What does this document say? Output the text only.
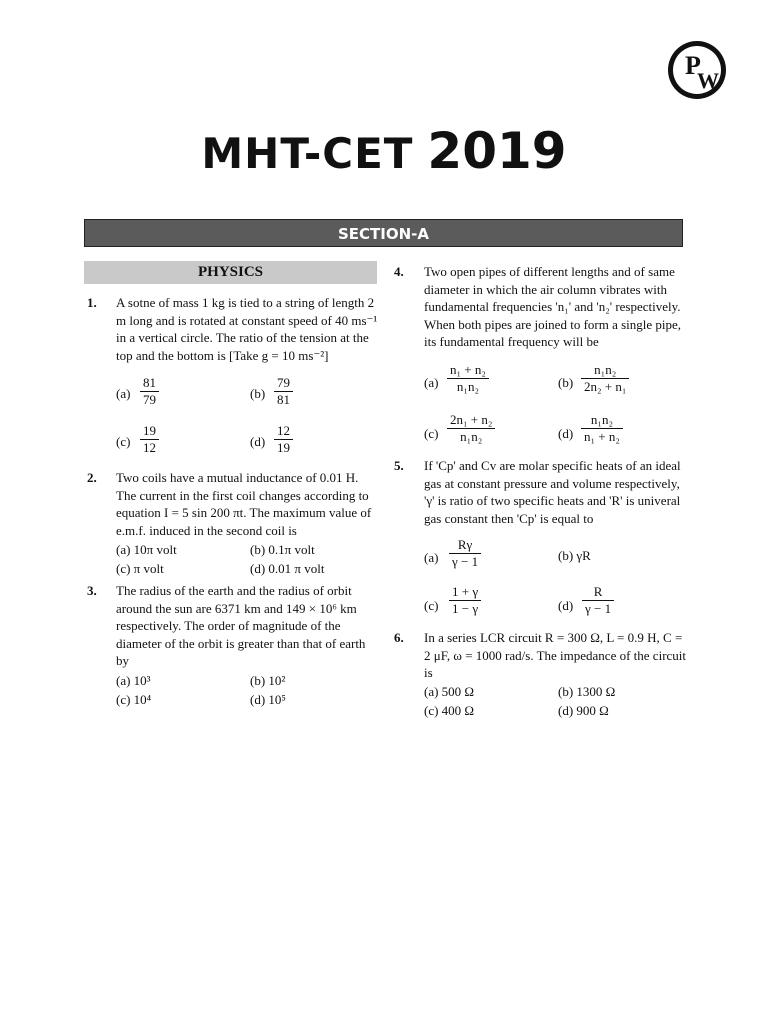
P
W
MHT-CET 2019
SECTION-A
PHYSICS
1. A sotne of mass 1 kg is tied to a string of length 2 m long and is rotated at constant speed of 40 ms⁻¹ in a vertical circle. The ratio of the tension at the top and the bottom is [Take g = 10 ms⁻²]
$(a) \frac{81}{79}$	$(b) \frac{79}{81}$
$(c) \frac{19}{12}$	$(d) \frac{12}{19}$
2. Two coils have a mutual inductance of 0.01 H. The current in the first coil changes according to equation I = 5 sin 200 πt. The maximum value of e.m.f. induced in the second coil is
(a) 10π volt	(b) 0.1π volt
(c) π volt	(d) 0.01 π volt
3. The radius of the earth and the radius of orbit around the sun are 6371 km and 149 × 10⁶ km respectively. The order of magnitude of the diameter of the orbit is greater than that of earth by
(a) 10³	(b) 10²
(c) 10⁴	(d) 10⁵
4. Two open pipes of different lengths and of same diameter in which the air column vibrates with fundamental frequencies 'n₁' and 'n₂' respectively. When both pipes are joined to form a single pipe, its fundamental frequency will be
$(a) \frac{\text{n₁ + n₂}}{\text{n₁n₂}}$	$(b) \frac{\text{n₁n₂}}{\text{2n₂ + n₁}}$
$(c) \frac{\text{2n₁ + n₂}}{\text{n₁n₂}}$	$(d) \frac{\text{n₁n₂}}{\text{n₁ + n₂}}$
5. If 'Cp' and Cv are molar specific heats of an ideal gas at constant pressure and volume respectively, 'γ' is ratio of two specific heats and 'R' is univeral gas constant then 'Cp' is equal to
$(a) \frac{R\gamma}{\gamma - 1}$	(b) γR
$(c) \frac{1 + \gamma}{1 - \gamma}$	$(d) \frac{R}{\gamma - 1}$
6. In a series LCR circuit R = 300 Ω, L = 0.9 H, C = 2 μF, ω = 1000 rad/s. The impedance of the circuit is
(a) 500 Ω	(b) 1300 Ω
(c) 400 Ω	(d) 900 Ω
